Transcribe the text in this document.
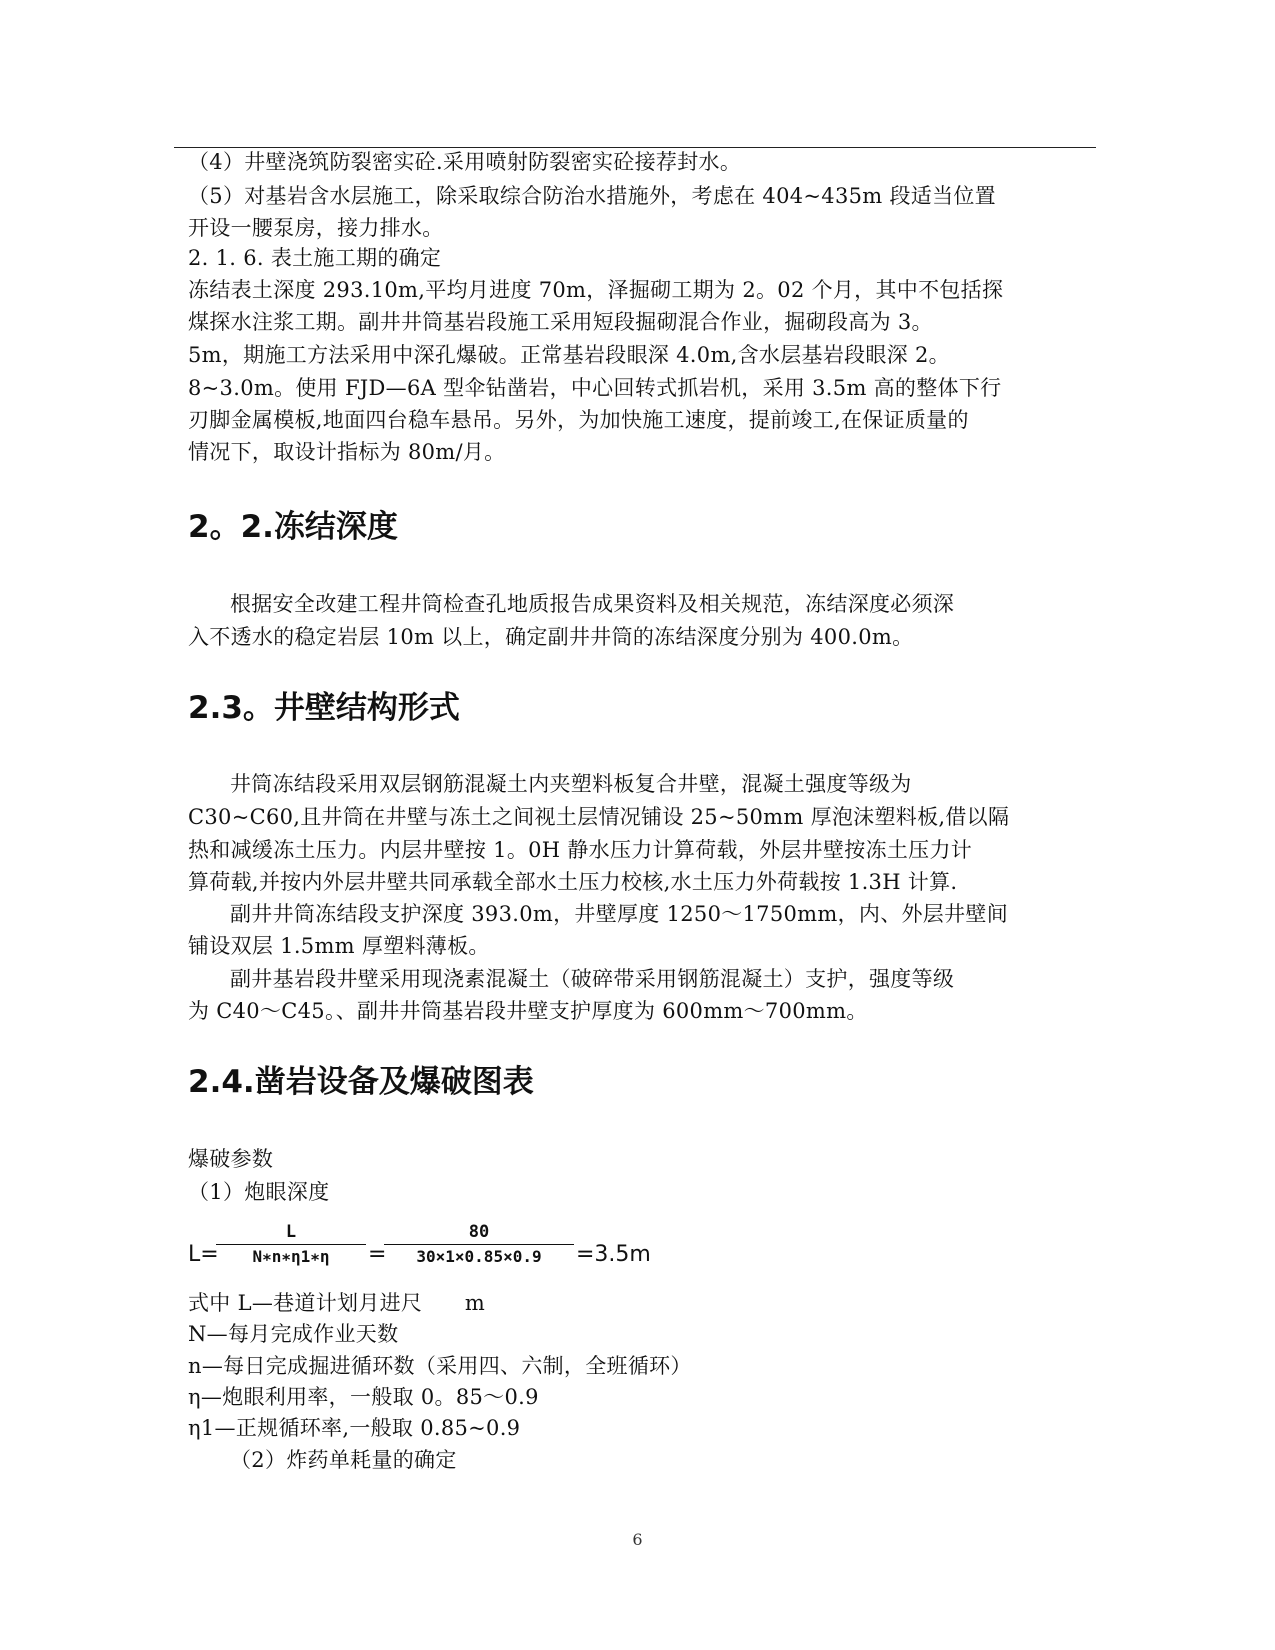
（4）井壁浇筑防裂密实砼.采用喷射防裂密实砼接荐封水。
（5）对基岩含水层施工，除采取综合防治水措施外，考虑在 404~435m 段适当位置
开设一腰泵房，接力排水。
2. 1. 6. 表土施工期的确定
冻结表土深度 293.10m,平均月进度 70m，泽掘砌工期为 2。02 个月，其中不包括探
煤探水注浆工期。副井井筒基岩段施工采用短段掘砌混合作业，掘砌段高为 3。
5m，期施工方法采用中深孔爆破。正常基岩段眼深 4.0m,含水层基岩段眼深 2。
8~3.0m。使用 FJD—6A 型伞钻凿岩，中心回转式抓岩机，采用 3.5m 高的整体下行
刃脚金属模板,地面四台稳车悬吊。另外，为加快施工速度，提前竣工,在保证质量的
情况下，取设计指标为 80m/月。
2。2.冻结深度
根据安全改建工程井筒检查孔地质报告成果资料及相关规范，冻结深度必须深
入不透水的稳定岩层 10m 以上，确定副井井筒的冻结深度分别为 400.0m。
2.3。井壁结构形式
井筒冻结段采用双层钢筋混凝土内夹塑料板复合井壁，混凝土强度等级为
C30~C60,且井筒在井壁与冻土之间视土层情况铺设 25~50mm 厚泡沫塑料板,借以隔
热和减缓冻土压力。内层井壁按 1。0H 静水压力计算荷载，外层井壁按冻土压力计
算荷载,并按内外层井壁共同承载全部水土压力校核,水土压力外荷载按 1.3H 计算.
副井井筒冻结段支护深度 393.0m，井壁厚度 1250～1750mm，内、外层井壁间
铺设双层 1.5mm 厚塑料薄板。
副井基岩段井壁采用现浇素混凝土（破碎带采用钢筋混凝土）支护，强度等级
为 C40～C45。、副井井筒基岩段井壁支护厚度为 600mm～700mm。
2.4.凿岩设备及爆破图表
爆破参数
（1）炮眼深度
L=
L
N∗n∗η1∗η	=
80
30×1×0.85×0.9	=3.5m
式中 L—巷道计划月进尺　　m
N—每月完成作业天数
n—每日完成掘进循环数（采用四、六制，全班循环）
η—炮眼利用率，一般取 0。85～0.9
η1—正规循环率,一般取 0.85~0.9
（2）炸药单耗量的确定
6
